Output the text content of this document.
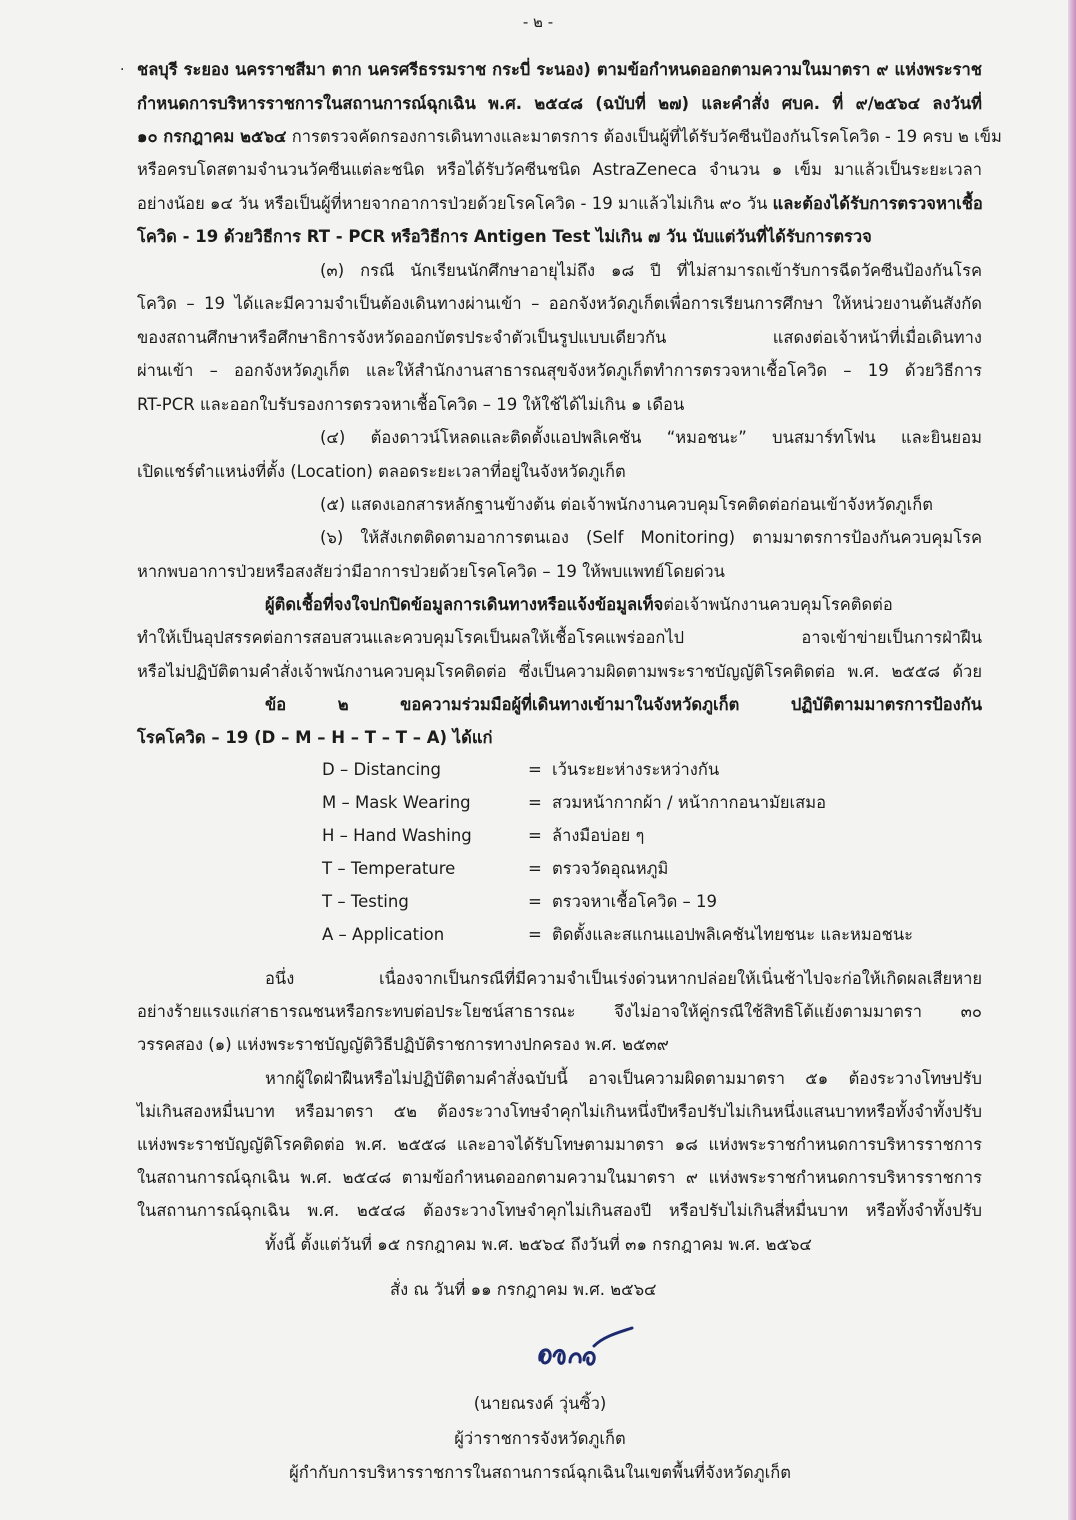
- ๒ -
· ชลบุรี ระยอง นครราชสีมา ตาก นครศรีธรรมราช กระบี่ ระนอง) ตามข้อกำหนดออกตามความในมาตรา ๙ แห่งพระราช
กำหนดการบริหารราชการในสถานการณ์ฉุกเฉิน พ.ศ. ๒๕๔๘ (ฉบับที่ ๒๗) และคำสั่ง ศบค. ที่ ๙/๒๕๖๔ ลงวันที่
๑๐ กรกฎาคม ๒๕๖๔ การตรวจคัดกรองการเดินทางและมาตรการ ต้องเป็นผู้ที่ได้รับวัคซีนป้องกันโรคโควิด - 19 ครบ ๒ เข็ม
หรือครบโดสตามจำนวนวัคซีนแต่ละชนิด หรือได้รับวัคซีนชนิด AstraZeneca จำนวน ๑ เข็ม มาแล้วเป็นระยะเวลา
อย่างน้อย ๑๔ วัน หรือเป็นผู้ที่หายจากอาการป่วยด้วยโรคโควิด - 19 มาแล้วไม่เกิน ๙๐ วัน และต้องได้รับการตรวจหาเชื้อ
โควิด - 19 ด้วยวิธีการ RT - PCR หรือวิธีการ Antigen Test ไม่เกิน ๗ วัน นับแต่วันที่ได้รับการตรวจ
(๓) กรณี นักเรียนนักศึกษาอายุไม่ถึง ๑๘ ปี ที่ไม่สามารถเข้ารับการฉีดวัคซีนป้องกันโรค
โควิด – 19 ได้และมีความจำเป็นต้องเดินทางผ่านเข้า – ออกจังหวัดภูเก็ตเพื่อการเรียนการศึกษา ให้หน่วยงานต้นสังกัด
ของสถานศึกษาหรือศึกษาธิการจังหวัดออกบัตรประจำตัวเป็นรูปแบบเดียวกัน แสดงต่อเจ้าหน้าที่เมื่อเดินทาง
ผ่านเข้า – ออกจังหวัดภูเก็ต และให้สำนักงานสาธารณสุขจังหวัดภูเก็ตทำการตรวจหาเชื้อโควิด – 19 ด้วยวิธีการ
RT-PCR และออกใบรับรองการตรวจหาเชื้อโควิด – 19 ให้ใช้ได้ไม่เกิน ๑ เดือน
(๔) ต้องดาวน์โหลดและติดตั้งแอปพลิเคชัน “หมอชนะ” บนสมาร์ทโฟน และยินยอม
เปิดแชร์ตำแหน่งที่ตั้ง (Location) ตลอดระยะเวลาที่อยู่ในจังหวัดภูเก็ต
(๕) แสดงเอกสารหลักฐานข้างต้น ต่อเจ้าพนักงานควบคุมโรคติดต่อก่อนเข้าจังหวัดภูเก็ต
(๖) ให้สังเกตติดตามอาการตนเอง (Self Monitoring) ตามมาตรการป้องกันควบคุมโรค
หากพบอาการป่วยหรือสงสัยว่ามีอาการป่วยด้วยโรคโควิด – 19 ให้พบแพทย์โดยด่วน
ผู้ติดเชื้อที่จงใจปกปิดข้อมูลการเดินทางหรือแจ้งข้อมูลเท็จต่อเจ้าพนักงานควบคุมโรคติดต่อ
ทำให้เป็นอุปสรรคต่อการสอบสวนและควบคุมโรคเป็นผลให้เชื้อโรคแพร่ออกไป อาจเข้าข่ายเป็นการฝ่าฝืน
หรือไม่ปฏิบัติตามคำสั่งเจ้าพนักงานควบคุมโรคติดต่อ ซึ่งเป็นความผิดตามพระราชบัญญัติโรคติดต่อ พ.ศ. ๒๕๕๘ ด้วย
ข้อ ๒ ขอความร่วมมือผู้ที่เดินทางเข้ามาในจังหวัดภูเก็ต ปฏิบัติตามมาตรการป้องกัน
โรคโควิด – 19 (D – M – H – T – T – A) ได้แก่
D – Distancing	= เว้นระยะห่างระหว่างกัน
M – Mask Wearing	= สวมหน้ากากผ้า / หน้ากากอนามัยเสมอ
H – Hand Washing	= ล้างมือบ่อย ๆ
T – Temperature	= ตรวจวัดอุณหภูมิ
T – Testing	= ตรวจหาเชื้อโควิด – 19
A – Application	= ติดตั้งและสแกนแอปพลิเคชันไทยชนะ และหมอชนะ
อนึ่ง เนื่องจากเป็นกรณีที่มีความจำเป็นเร่งด่วนหากปล่อยให้เนิ่นช้าไปจะก่อให้เกิดผลเสียหาย
อย่างร้ายแรงแก่สาธารณชนหรือกระทบต่อประโยชน์สาธารณะ จึงไม่อาจให้คู่กรณีใช้สิทธิโต้แย้งตามมาตรา ๓๐
วรรคสอง (๑) แห่งพระราชบัญญัติวิธีปฏิบัติราชการทางปกครอง พ.ศ. ๒๕๓๙
หากผู้ใดฝ่าฝืนหรือไม่ปฏิบัติตามคำสั่งฉบับนี้ อาจเป็นความผิดตามมาตรา ๕๑ ต้องระวางโทษปรับ
ไม่เกินสองหมื่นบาท หรือมาตรา ๕๒ ต้องระวางโทษจำคุกไม่เกินหนึ่งปีหรือปรับไม่เกินหนึ่งแสนบาทหรือทั้งจำทั้งปรับ
แห่งพระราชบัญญัติโรคติดต่อ พ.ศ. ๒๕๕๘ และอาจได้รับโทษตามมาตรา ๑๘ แห่งพระราชกำหนดการบริหารราชการ
ในสถานการณ์ฉุกเฉิน พ.ศ. ๒๕๔๘ ตามข้อกำหนดออกตามความในมาตรา ๙ แห่งพระราชกำหนดการบริหารราชการ
ในสถานการณ์ฉุกเฉิน พ.ศ. ๒๕๔๘ ต้องระวางโทษจำคุกไม่เกินสองปี หรือปรับไม่เกินสี่หมื่นบาท หรือทั้งจำทั้งปรับ
ทั้งนี้ ตั้งแต่วันที่ ๑๕ กรกฎาคม พ.ศ. ๒๕๖๔ ถึงวันที่ ๓๑ กรกฎาคม พ.ศ. ๒๕๖๔
สั่ง ณ วันที่ ๑๑ กรกฎาคม พ.ศ. ๒๕๖๔
(นายณรงค์ วุ่นซิ้ว)
ผู้ว่าราชการจังหวัดภูเก็ต
ผู้กำกับการบริหารราชการในสถานการณ์ฉุกเฉินในเขตพื้นที่จังหวัดภูเก็ต
